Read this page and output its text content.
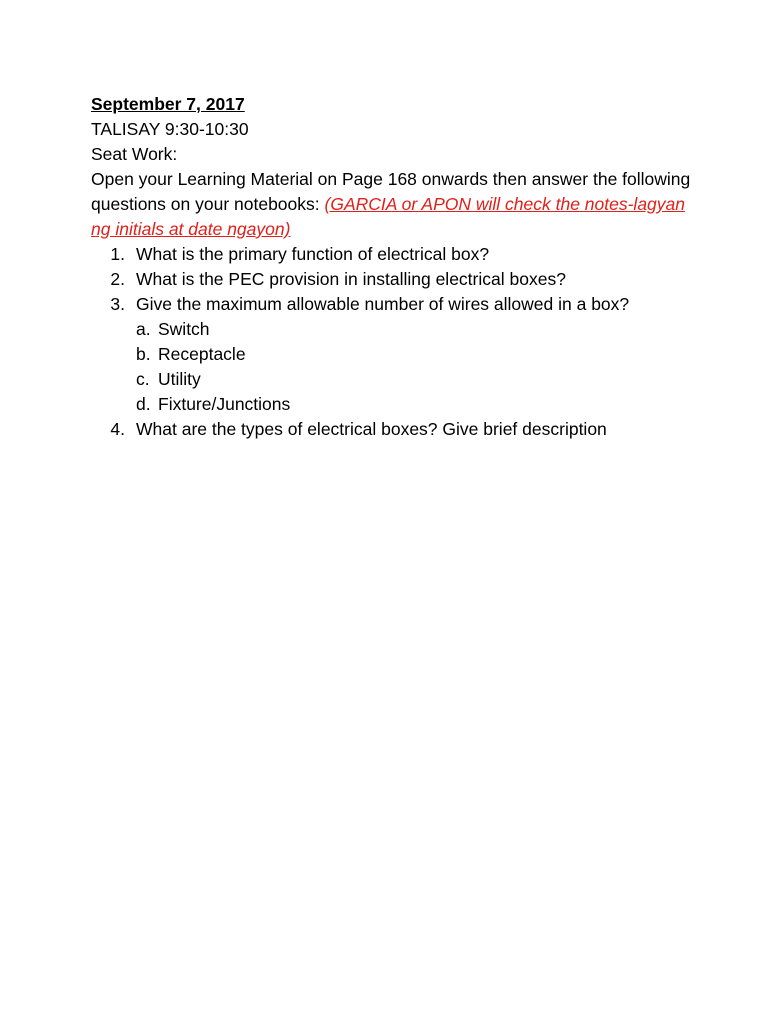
September 7, 2017
TALISAY 9:30-10:30
Seat Work:
Open your Learning Material on Page 168 onwards then answer the following questions on your notebooks: (GARCIA or APON will check the notes-lagyan ng initials at date ngayon)
1. What is the primary function of electrical box?
2. What is the PEC provision in installing electrical boxes?
3. Give the maximum allowable number of wires allowed in a box?
a. Switch
b. Receptacle
c. Utility
d. Fixture/Junctions
4. What are the types of electrical boxes? Give brief description
